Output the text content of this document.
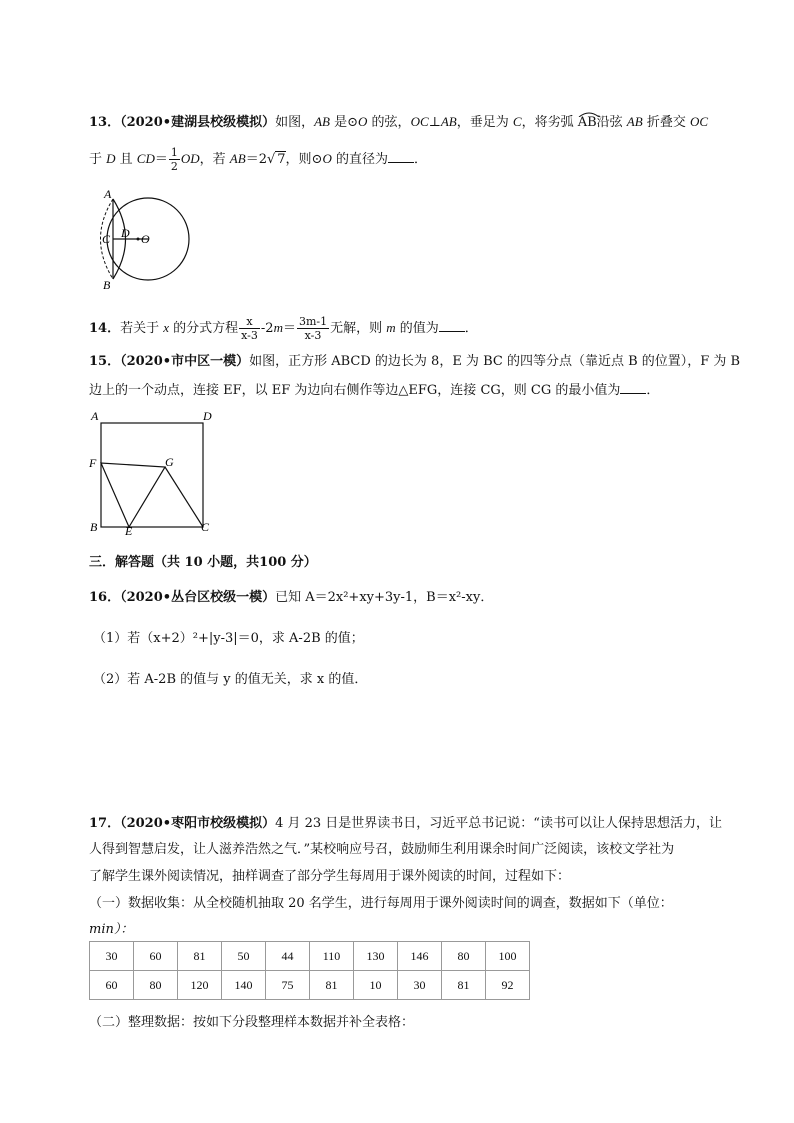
13．（2020•建湖县校级模拟）如图，AB 是⊙O 的弦，OC⊥AB，垂足为 C，将劣弧
AB沿弦 AB 折叠交 OC
于 D 且 $CD= \frac{1}{2}$ OD，若 AB＝2√ 7，则⊙O 的直径为 ．
A
C D O
B
14．若关于 x 的分式方程 $\frac{x}{x-3} -2m= \frac{3m-1}{x-3}$ 无解，则 m 的值为 ．
15．（2020•市中区一模）如图，正方形 ABCD 的边长为 8，E 为 BC 的四等分点（靠近点 B 的位置），F 为 B
边上的一个动点，连接 EF，以 EF 为边向右侧作等边△EFG，连接 CG，则 CG 的最小值为 ．
A	D
F	G
B E	C
三．解答题（共 10 小题，共100 分）
16．（2020•丛台区校级一模）已知 A＝2x²+xy+3y-1，B＝x²-xy．
（1）若（x+2）²+|y-3|＝0，求 A-2B 的值；
（2）若 A-2B 的值与 y 的值无关，求 x 的值．
17．（2020•枣阳市校级模拟）4 月 23 日是世界读书日，习近平总书记说：“读书可以让人保持思想活力，让
人得到智慧启发，让人滋养浩然之气．”某校响应号召，鼓励师生利用课余时间广泛阅读，该校文学社为
了解学生课外阅读情况，抽样调查了部分学生每周用于课外阅读的时间，过程如下：
（一）数据收集：从全校随机抽取 20 名学生，进行每周用于课外阅读时间的调查，数据如下（单位：
min）：
30	60	81	50	44	110	130	146	80	100
60	80	120	140	75	81	10	30	81	92
（二）整理数据：按如下分段整理样本数据并补全表格：
